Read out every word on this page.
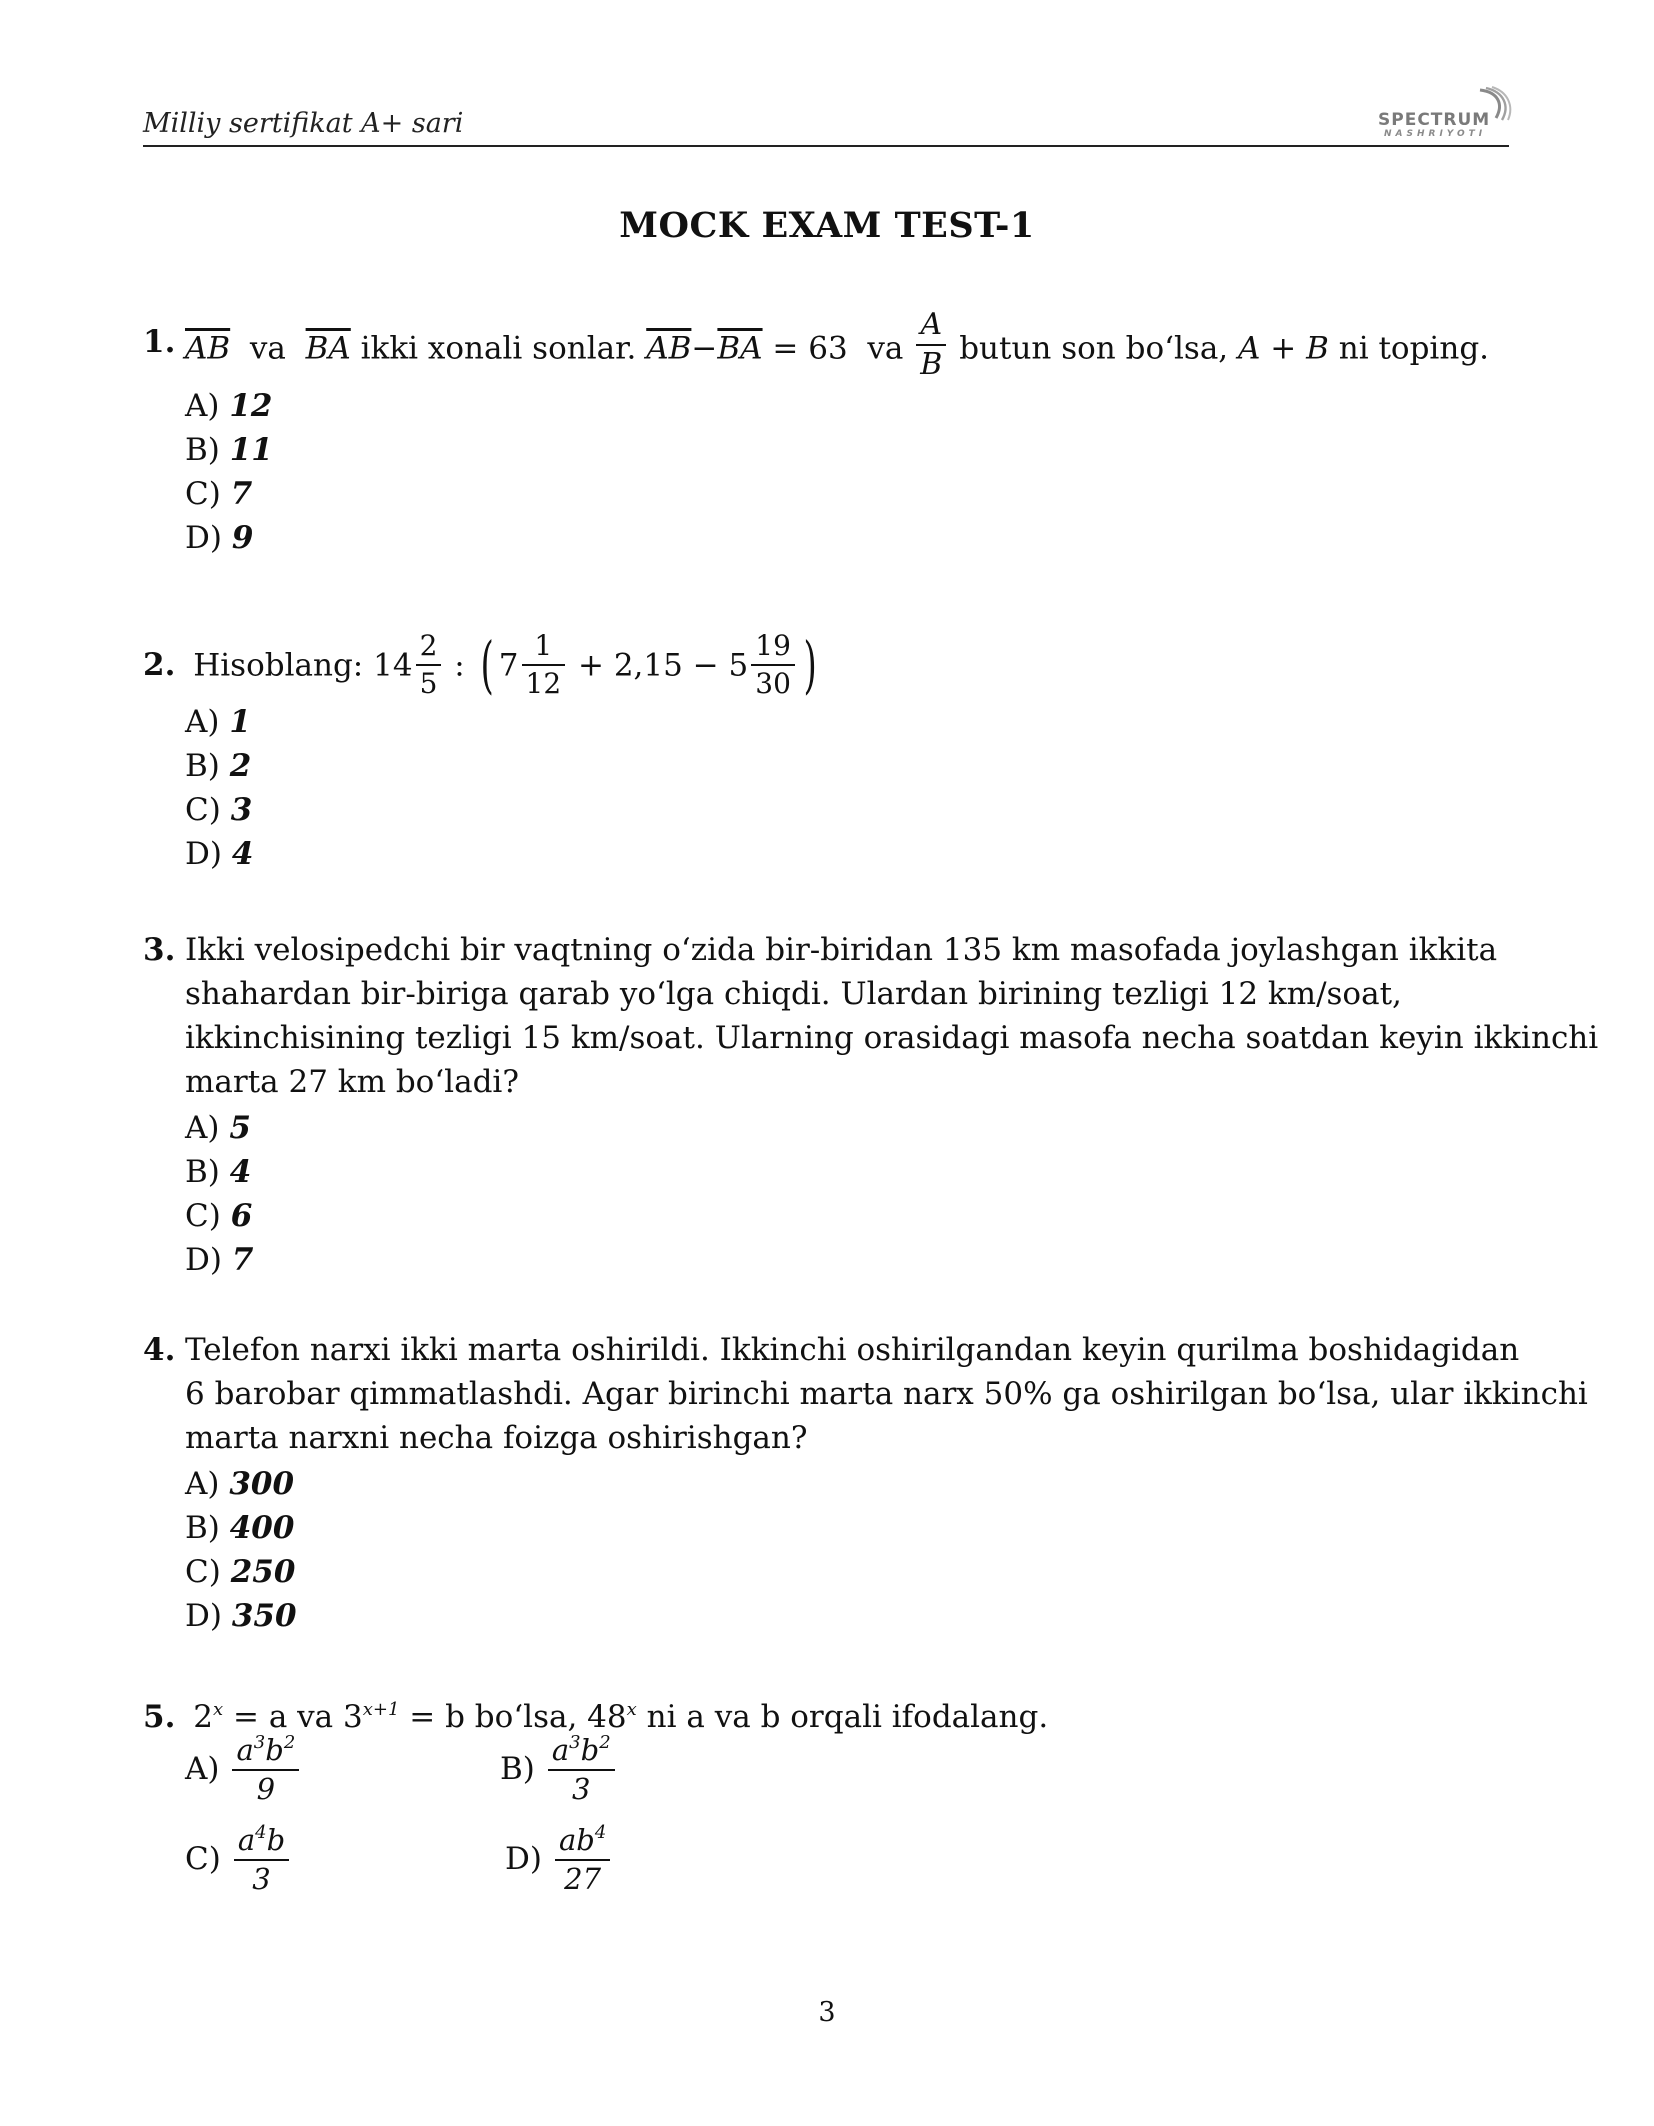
Milliy sertifikat A+ sari	SPECTRUM
NASHRIYOTI
MOCK EXAM TEST-1
1. $\overline{AB}$ va $\overline{BA}$ ikki xonali sonlar. $\overline{AB}-\overline{BA} = 63$ va $\frac{A}{B}$ butun son bo‘lsa, A + B ni toping.
A) 12
B) 11
C) 7
D) 9
2. Hisoblang: $14 \frac{2}{5}$ : ( $7 \frac{1}{12} + 2,15 - 5 \frac{19}{30}$ )
A) 1
B) 2
C) 3
D) 4
3. Ikki velosipedchi bir vaqtning o‘zida bir-biridan 135 km masofada joylashgan ikkita
shahardan bir-biriga qarab yo‘lga chiqdi. Ulardan birining tezligi 12 km/soat,
ikkinchisining tezligi 15 km/soat. Ularning orasidagi masofa necha soatdan keyin ikkinchi
marta 27 km bo‘ladi?
A) 5
B) 4
C) 6
D) 7
4. Telefon narxi ikki marta oshirildi. Ikkinchi oshirilgandan keyin qurilma boshidagidan
6 barobar qimmatlashdi. Agar birinchi marta narx 50% ga oshirilgan bo‘lsa, ular ikkinchi
marta narxni necha foizga oshirishgan?
A) 300
B) 400
C) 250
D) 350
5. $2^x = a$ va $3^{x+1} = b$ bo‘lsa, 48$^x$ ni a va b orqali ifodalang.
$A) \frac{a^3b^2}{9}$	$B) \frac{a^3b^2}{3}$
$C) \frac{a^4b}{3}$	$D) \frac{ab^4}{27}$
3
